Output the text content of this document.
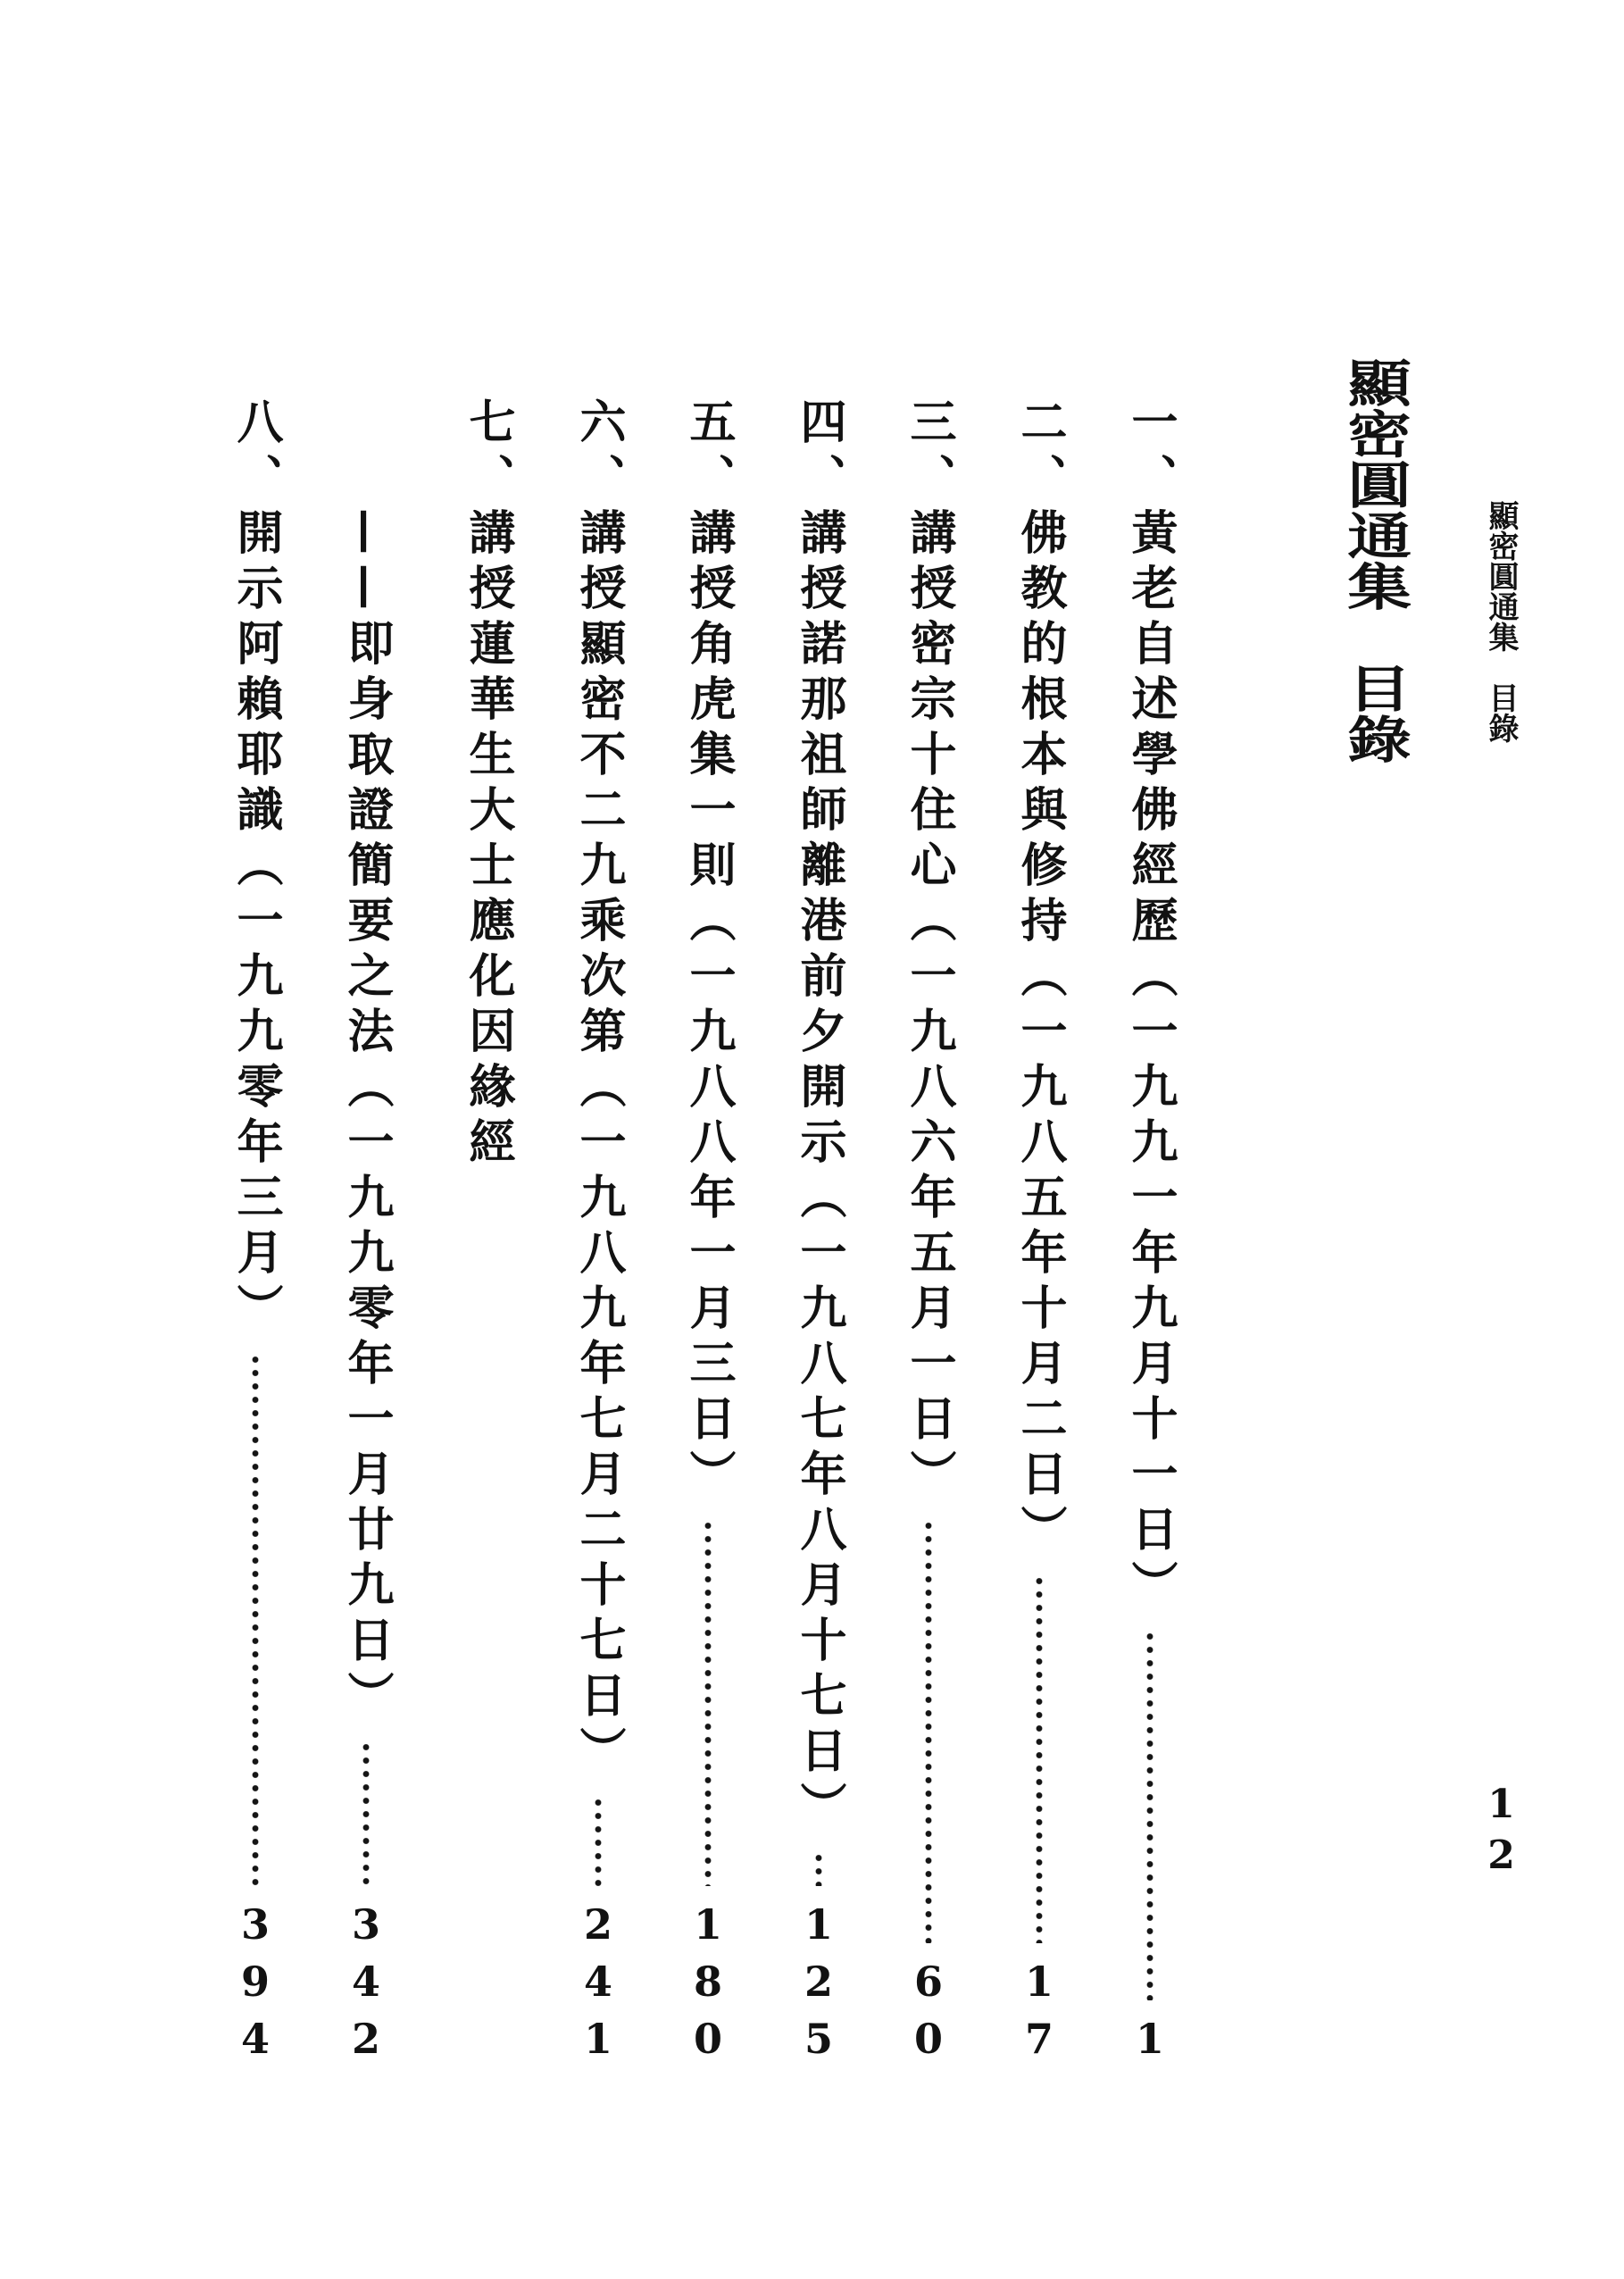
顯密圓通集　目錄
12
顯密圓通集　目錄
一、黃老自述學佛經歷（一九九一年九月十一日）
1
二、佛教的根本與修持（一九八五年十月二日）
17
三、講授密宗十住心（一九八六年五月一日）
60
四、講授諾那祖師離港前夕開示（一九八七年八月十七日）
125
五、講授角虎集一則（一九八八年一月三日）
180
六、講授顯密不二九乘次第（一九八九年七月二十七日）
241
七、講授蓮華生大士應化因緣經
——即身取證簡要之法（一九九零年一月廿九日）
342
八、開示阿賴耶識（一九九零年三月）
394
